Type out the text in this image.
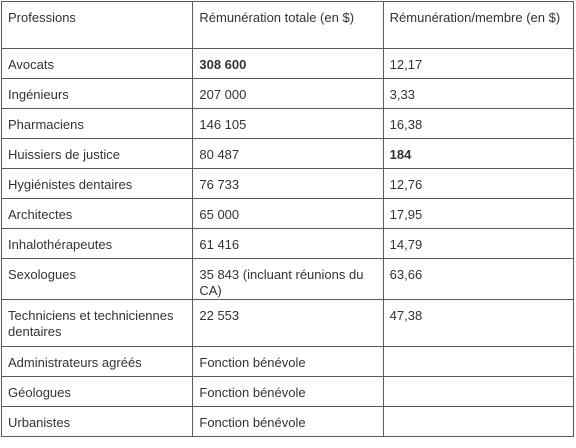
Professions	Rémunération totale (en $)	Rémunération/membre (en $)

Avocats	308 600	12,17

Ingénieurs	207 000	3,33

Pharmaciens	146 105	16,38

Huissiers de justice	80 487	184

Hygiénistes dentaires	76 733	12,76

Architectes	65 000	17,95

Inhalothérapeutes	61 416	14,79

Sexologues	35 843 (incluant réunions du CA)	63,66

Techniciens et techniciennes dentaires	22 553	47,38

Administrateurs agréés	Fonction bénévole	

Géologues	Fonction bénévole	

Urbanistes	Fonction bénévole	
